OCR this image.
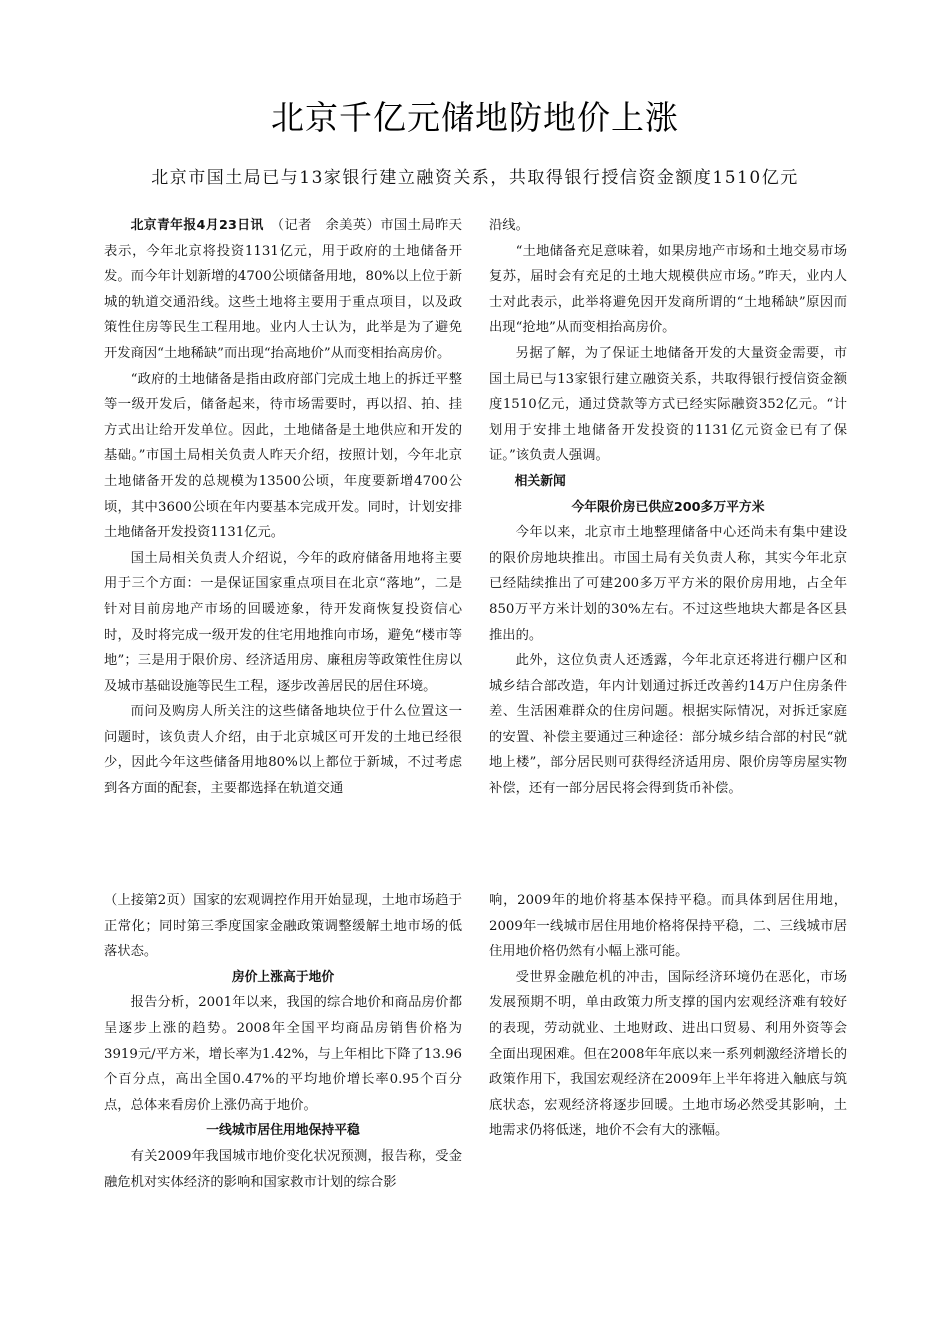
北京千亿元储地防地价上涨

北京市国土局已与13家银行建立融资关系，共取得银行授信资金额度1510亿元

北京青年报4月23日讯　 （记者　余美英）市国土局昨天表示，今年北京将投资1131亿元，用于政府的土地储备开发。而今年计划新增的4700公顷储备用地，80%以上位于新城的轨道交通沿线。这些土地将主要用于重点项目，以及政策性住房等民生工程用地。业内人士认为，此举是为了避免开发商因“土地稀缺”而出现“抬高地价”从而变相抬高房价。

“政府的土地储备是指由政府部门完成土地上的拆迁平整等一级开发后，储备起来，待市场需要时，再以招、拍、挂方式出让给开发单位。因此，土地储备是土地供应和开发的基础。”市国土局相关负责人昨天介绍，按照计划，今年北京土地储备开发的总规模为13500公顷，年度要新增4700公顷，其中3600公顷在年内要基本完成开发。同时，计划安排土地储备开发投资1131亿元。

国土局相关负责人介绍说，今年的政府储备用地将主要用于三个方面：一是保证国家重点项目在北京“落地”，二是针对目前房地产市场的回暖迹象，待开发商恢复投资信心时，及时将完成一级开发的住宅用地推向市场，避免“楼市等地”；三是用于限价房、经济适用房、廉租房等政策性住房以及城市基础设施等民生工程，逐步改善居民的居住环境。

而问及购房人所关注的这些储备地块位于什么位置这一问题时，该负责人介绍，由于北京城区可开发的土地已经很少，因此今年这些储备用地80%以上都位于新城，不过考虑到各方面的配套，主要都选择在轨道交通

沿线。

“土地储备充足意味着，如果房地产市场和土地交易市场复苏，届时会有充足的土地大规模供应市场。”昨天，业内人士对此表示，此举将避免因开发商所谓的“土地稀缺”原因而出现“抢地”从而变相抬高房价。

另据了解，为了保证土地储备开发的大量资金需要，市国土局已与13家银行建立融资关系，共取得银行授信资金额度1510亿元，通过贷款等方式已经实际融资352亿元。“计划用于安排土地储备开发投资的1131亿元资金已有了保证。”该负责人强调。

相关新闻

今年限价房已供应200多万平方米

今年以来，北京市土地整理储备中心还尚未有集中建设的限价房地块推出。市国土局有关负责人称，其实今年北京已经陆续推出了可建200多万平方米的限价房用地，占全年850万平方米计划的30%左右。不过这些地块大都是各区县推出的。

此外，这位负责人还透露，今年北京还将进行棚户区和城乡结合部改造，年内计划通过拆迁改善约14万户住房条件差、生活困难群众的住房问题。根据实际情况，对拆迁家庭的安置、补偿主要通过三种途径：部分城乡结合部的村民“就地上楼”，部分居民则可获得经济适用房、限价房等房屋实物补偿，还有一部分居民将会得到货币补偿。

（上接第2页）国家的宏观调控作用开始显现，土地市场趋于正常化；同时第三季度国家金融政策调整缓解土地市场的低落状态。

房价上涨高于地价

报告分析，2001年以来，我国的综合地价和商品房价都呈逐步上涨的趋势。2008年全国平均商品房销售价格为3919元/平方米，增长率为1.42%，与上年相比下降了13.96个百分点，高出全国0.47%的平均地价增长率0.95个百分点，总体来看房价上涨仍高于地价。

一线城市居住用地保持平稳

有关2009年我国城市地价变化状况预测，报告称，受金融危机对实体经济的影响和国家救市计划的综合影

响，2009年的地价将基本保持平稳。而具体到居住用地，2009年一线城市居住用地价格将保持平稳，二、三线城市居住用地价格仍然有小幅上涨可能。

受世界金融危机的冲击，国际经济环境仍在恶化，市场发展预期不明，单由政策力所支撑的国内宏观经济难有较好的表现，劳动就业、土地财政、进出口贸易、利用外资等会全面出现困难。但在2008年年底以来一系列刺激经济增长的政策作用下，我国宏观经济在2009年上半年将进入触底与筑底状态，宏观经济将逐步回暖。土地市场必然受其影响，土地需求仍将低迷，地价不会有大的涨幅。
